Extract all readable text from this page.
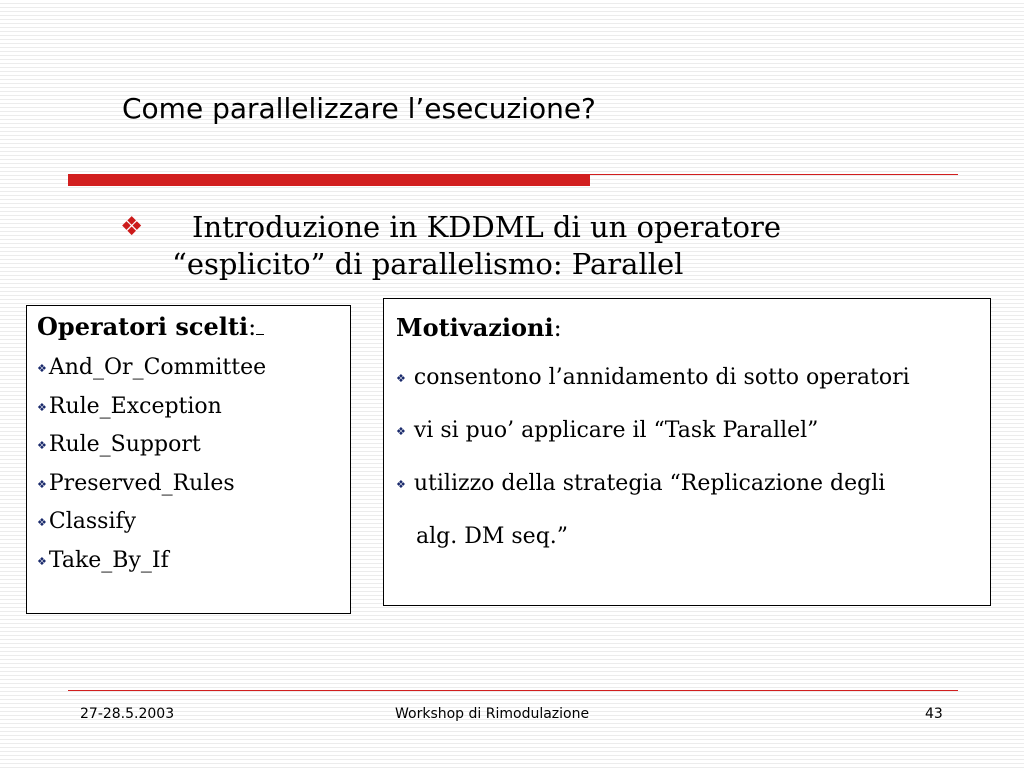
Come parallelizzare l’esecuzione?
❖	Introduzione in KDDML di un operatore “esplicito” di parallelismo: Parallel
Operatori scelti:
❖And_Or_Committee
❖Rule_Exception
❖Rule_Support
❖Preserved_Rules
❖Classify
❖Take_By_If
Motivazioni:
❖ consentono l’annidamento di sotto operatori
❖ vi si puo’ applicare il “Task Parallel”
❖ utilizzo della strategia “Replicazione degli
alg. DM seq.”
27-28.5.2003	Workshop di Rimodulazione	43
